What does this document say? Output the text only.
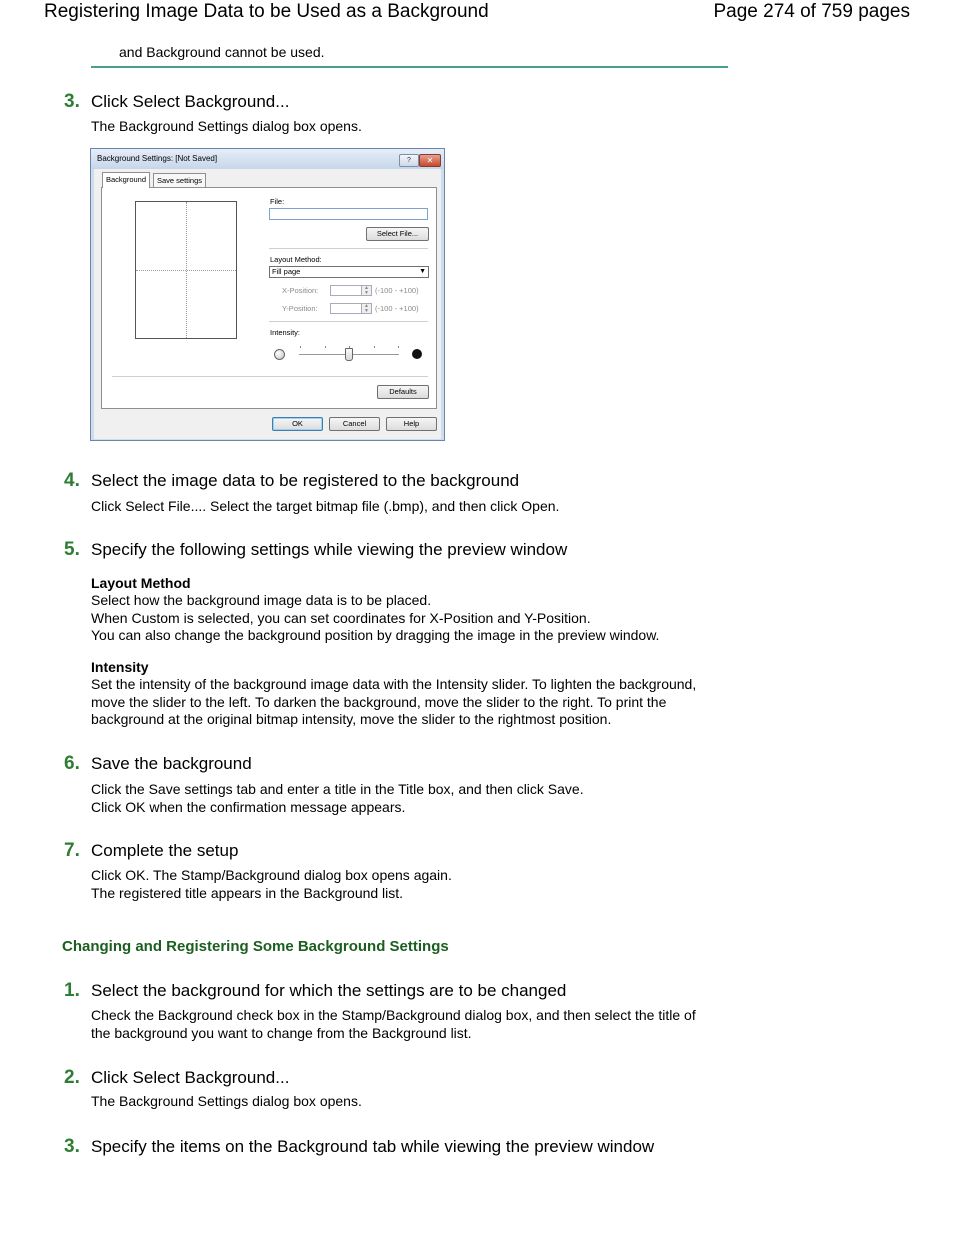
Registering Image Data to be Used as a Background	Page 274 of 759 pages
and Background cannot be used.
3. Click Select Background...

The Background Settings dialog box opens.

Background Settings: [Not Saved]	?	✕
Background	Save settings
File:
Select File...
Layout Method:
Fill page	▼
X-Position:	▲
▼ (-100 - +100)
Y-Position:	▲
▼ (-100 - +100)
Intensity:
Defaults
OK	Cancel	Help
4. Select the image data to be registered to the background

Click Select File.... Select the target bitmap file (.bmp), and then click Open.

5. Specify the following settings while viewing the preview window
Layout Method

Select how the background image data is to be placed.

When Custom is selected, you can set coordinates for X-Position and Y-Position.

You can also change the background position by dragging the image in the preview window.

Intensity

Set the intensity of the background image data with the Intensity slider. To lighten the background, move the slider to the left. To darken the background, move the slider to the right. To print the background at the original bitmap intensity, move the slider to the rightmost position.

6. Save the background

Click the Save settings tab and enter a title in the Title box, and then click Save.

Click OK when the confirmation message appears.

7. Complete the setup

Click OK. The Stamp/Background dialog box opens again.

The registered title appears in the Background list.

Changing and Registering Some Background Settings
1. Select the background for which the settings are to be changed

Check the Background check box in the Stamp/Background dialog box, and then select the title of the background you want to change from the Background list.

2. Click Select Background...

The Background Settings dialog box opens.

3. Specify the items on the Background tab while viewing the preview window
